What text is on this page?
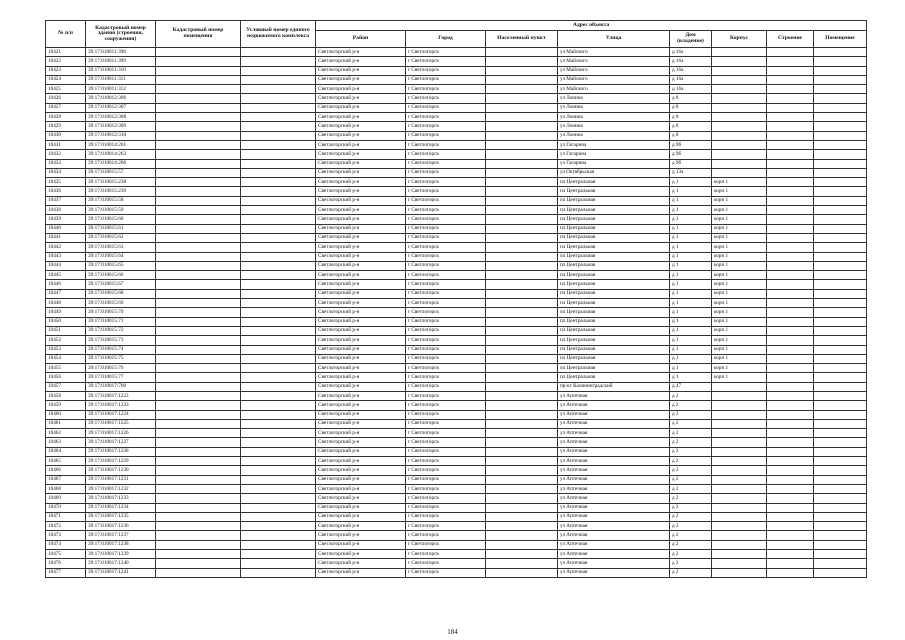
№ п/п	Кадастровый номер здания (строения, сооружения)	Кадастровый номер помещения	Условный номер единого недвижимого комплекса	Адрес объекта							
				Район	Город	Населенный пункт	Улица	Дом (владение)	Корпус	Строение	Помещение
10421	39:17:010011:398			Светлогорский р-н	г Светлогорск		ул Майского	д 16а			
10422	39:17:010011:399			Светлогорский р-н	г Светлогорск		ул Майского	д 16а			
10423	39:17:010011:310			Светлогорский р-н	г Светлогорск		ул Майского	д 16а			
10424	39:17:010011:311			Светлогорский р-н	г Светлогорск		ул Майского	д 16а			
10425	39:17:010011:312			Светлогорский р-н	г Светлогорск		ул Майского	д 16а			
10426	39:17:010012:306			Светлогорский р-н	г Светлогорск		ул Лонина	д 8			
10427	39:17:010012:307			Светлогорский р-н	г Светлогорск		ул Лонина	д 8			
10428	39:17:010012:308			Светлогорский р-н	г Светлогорск		ул Лонина	д 8			
10429	39:17:010012:309			Светлогорский р-н	г Светлогорск		ул Лонина	д 8			
10430	39:17:010012:310			Светлогорский р-н	г Светлогорск		ул Лонина	д 8			
10431	39:17:010014:261			Светлогорский р-н	г Светлогорск		ул Гагарина	д 9б			
10432	39:17:010014:263			Светлогорский р-н	г Светлогорск		ул Гагарина	д 9б			
10433	39:17:010014:266			Светлогорский р-н	г Светлогорск		ул Гагарина	д 9б			
10434	39:17:010015:57			Светлогорский р-н	г Светлогорск		ул Октябрьская	д 13а			
10435	39:17:010015:238			Светлогорский р-н	г Светлогорск		пл Центральная	д 1	корп 1		
10436	39:17:010015:239			Светлогорский р-н	г Светлогорск		пл Центральная	д 1	корп 1		
10437	39:17:010015:58			Светлогорский р-н	г Светлогорск		пл Центральная	д 1	корп 1		
10438	39:17:010015:59			Светлогорский р-н	г Светлогорск		пл Центральная	д 1	корп 1		
10439	39:17:010015:60			Светлогорский р-н	г Светлогорск		пл Центральная	д 1	корп 1		
10440	39:17:010015:61			Светлогорский р-н	г Светлогорск		пл Центральная	д 1	корп 1		
10441	39:17:010015:62			Светлогорский р-н	г Светлогорск		пл Центральная	д 1	корп 1		
10442	39:17:010015:63			Светлогорский р-н	г Светлогорск		пл Центральная	д 1	корп 1		
10443	39:17:010015:64			Светлогорский р-н	г Светлогорск		пл Центральная	д 1	корп 1		
10444	39:17:010015:65			Светлогорский р-н	г Светлогорск		пл Центральная	д 1	корп 1		
10445	39:17:010015:66			Светлогорский р-н	г Светлогорск		пл Центральная	д 1	корп 1		
10446	39:17:010015:67			Светлогорский р-н	г Светлогорск		пл Центральная	д 1	корп 1		
10447	39:17:010015:68			Светлогорский р-н	г Светлогорск		пл Центральная	д 1	корп 1		
10448	39:17:010015:69			Светлогорский р-н	г Светлогорск		пл Центральная	д 1	корп 1		
10449	39:17:010015:70			Светлогорский р-н	г Светлогорск		пл Центральная	д 1	корп 1		
10450	39:17:010015:71			Светлогорский р-н	г Светлогорск		пл Центральная	д 1	корп 1		
10451	39:17:010015:72			Светлогорский р-н	г Светлогорск		пл Центральная	д 1	корп 1		
10452	39:17:010015:73			Светлогорский р-н	г Светлогорск		пл Центральная	д 1	корп 1		
10453	39:17:010015:74			Светлогорский р-н	г Светлогорск		пл Центральная	д 1	корп 1		
10454	39:17:010015:75			Светлогорский р-н	г Светлогорск		пл Центральная	д 1	корп 1		
10455	39:17:010015:76			Светлогорский р-н	г Светлогорск		пл Центральная	д 1	корп 1		
10456	39:17:010015:77			Светлогорский р-н	г Светлогорск		пл Центральная	д 1	корп 1		
10457	39:17:010017:700			Светлогорский р-н	г Светлогорск		пр-кт Калининградский	д 47			
10458	39:17:010017:1222			Светлогорский р-н	г Светлогорск		ул Аптечная	д 2			
10459	39:17:010017:1223			Светлогорский р-н	г Светлогорск		ул Аптечная	д 2			
10460	39:17:010017:1224			Светлогорский р-н	г Светлогорск		ул Аптечная	д 2			
10461	39:17:010017:1225			Светлогорский р-н	г Светлогорск		ул Аптечная	д 2			
10462	39:17:010017:1226			Светлогорский р-н	г Светлогорск		ул Аптечная	д 2			
10463	39:17:010017:1227			Светлогорский р-н	г Светлогорск		ул Аптечная	д 2			
10464	39:17:010017:1228			Светлогорский р-н	г Светлогорск		ул Аптечная	д 2			
10465	39:17:010017:1229			Светлогорский р-н	г Светлогорск		ул Аптечная	д 2			
10466	39:17:010017:1230			Светлогорский р-н	г Светлогорск		ул Аптечная	д 2			
10467	39:17:010017:1231			Светлогорский р-н	г Светлогорск		ул Аптечная	д 2			
10468	39:17:010017:1232			Светлогорский р-н	г Светлогорск		ул Аптечная	д 2			
10469	39:17:010017:1233			Светлогорский р-н	г Светлогорск		ул Аптечная	д 2			
10470	39:17:010017:1234			Светлогорский р-н	г Светлогорск		ул Аптечная	д 2			
10471	39:17:010017:1235			Светлогорский р-н	г Светлогорск		ул Аптечная	д 2			
10472	39:17:010017:1236			Светлогорский р-н	г Светлогорск		ул Аптечная	д 2			
10473	39:17:010017:1237			Светлогорский р-н	г Светлогорск		ул Аптечная	д 2			
10474	39:17:010017:1238			Светлогорский р-н	г Светлогорск		ул Аптечная	д 2			
10475	39:17:010017:1239			Светлогорский р-н	г Светлогорск		ул Аптечная	д 2			
10476	39:17:010017:1240			Светлогорский р-н	г Светлогорск		ул Аптечная	д 2			
10477	39:17:010017:1241			Светлогорский р-н	г Светлогорск		ул Аптечная	д 2			
184
